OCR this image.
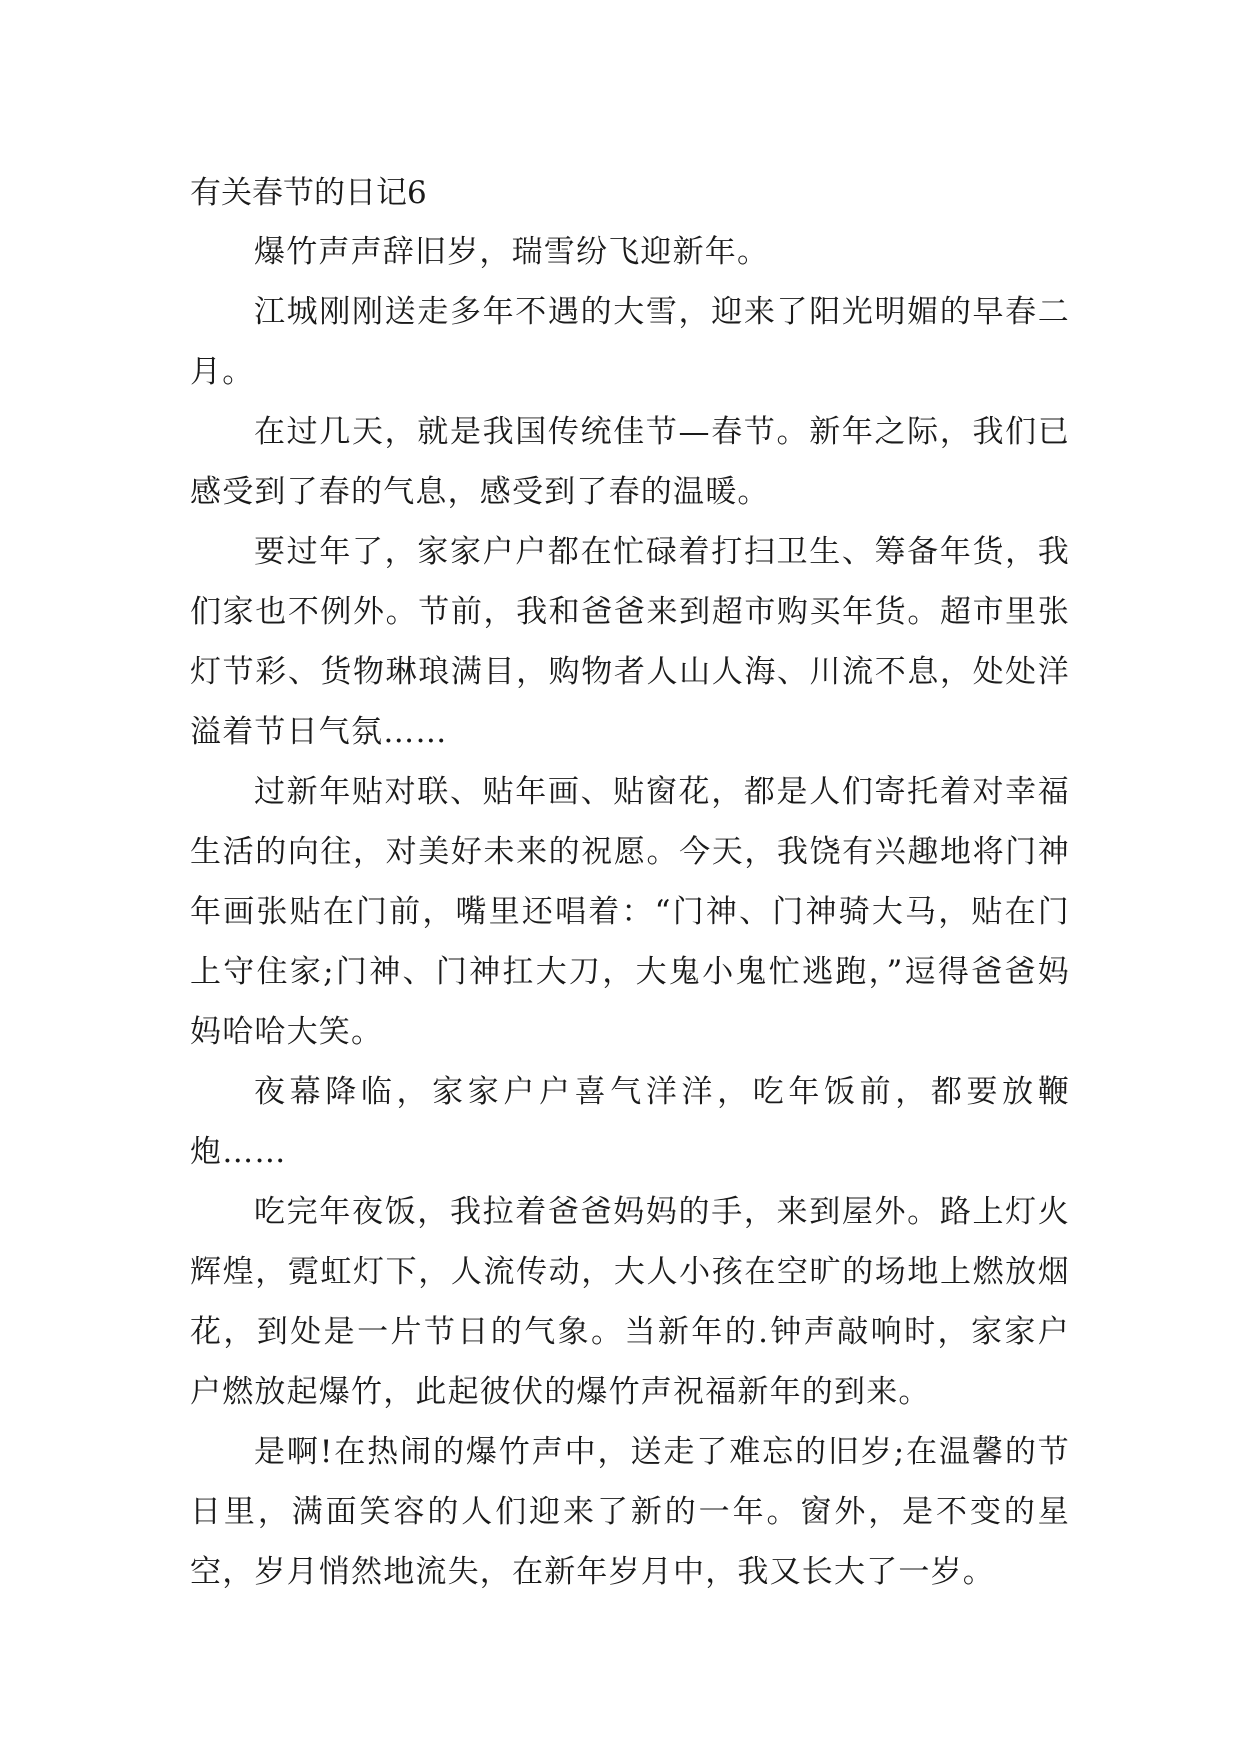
有关春节的日记6

爆竹声声辞旧岁，瑞雪纷飞迎新年。

江城刚刚送走多年不遇的大雪，迎来了阳光明媚的早春二月。

在过几天，就是我国传统佳节—春节。新年之际，我们已感受到了春的气息，感受到了春的温暖。

要过年了，家家户户都在忙碌着打扫卫生、筹备年货，我们家也不例外。节前，我和爸爸来到超市购买年货。超市里张灯节彩、货物琳琅满目，购物者人山人海、川流不息，处处洋溢着节日气氛……

过新年贴对联、贴年画、贴窗花，都是人们寄托着对幸福生活的向往，对美好未来的祝愿。今天，我饶有兴趣地将门神年画张贴在门前，嘴里还唱着：“门神、门神骑大马，贴在门上守住家;门神、门神扛大刀，大鬼小鬼忙逃跑，”逗得爸爸妈妈哈哈大笑。

夜幕降临，家家户户喜气洋洋，吃年饭前，都要放鞭炮……

吃完年夜饭，我拉着爸爸妈妈的手，来到屋外。路上灯火辉煌，霓虹灯下，人流传动，大人小孩在空旷的场地上燃放烟花，到处是一片节日的气象。当新年的.钟声敲响时，家家户户燃放起爆竹，此起彼伏的爆竹声祝福新年的到来。

是啊!在热闹的爆竹声中，送走了难忘的旧岁;在温馨的节日里，满面笑容的人们迎来了新的一年。窗外，是不变的星空，岁月悄然地流失，在新年岁月中，我又长大了一岁。
